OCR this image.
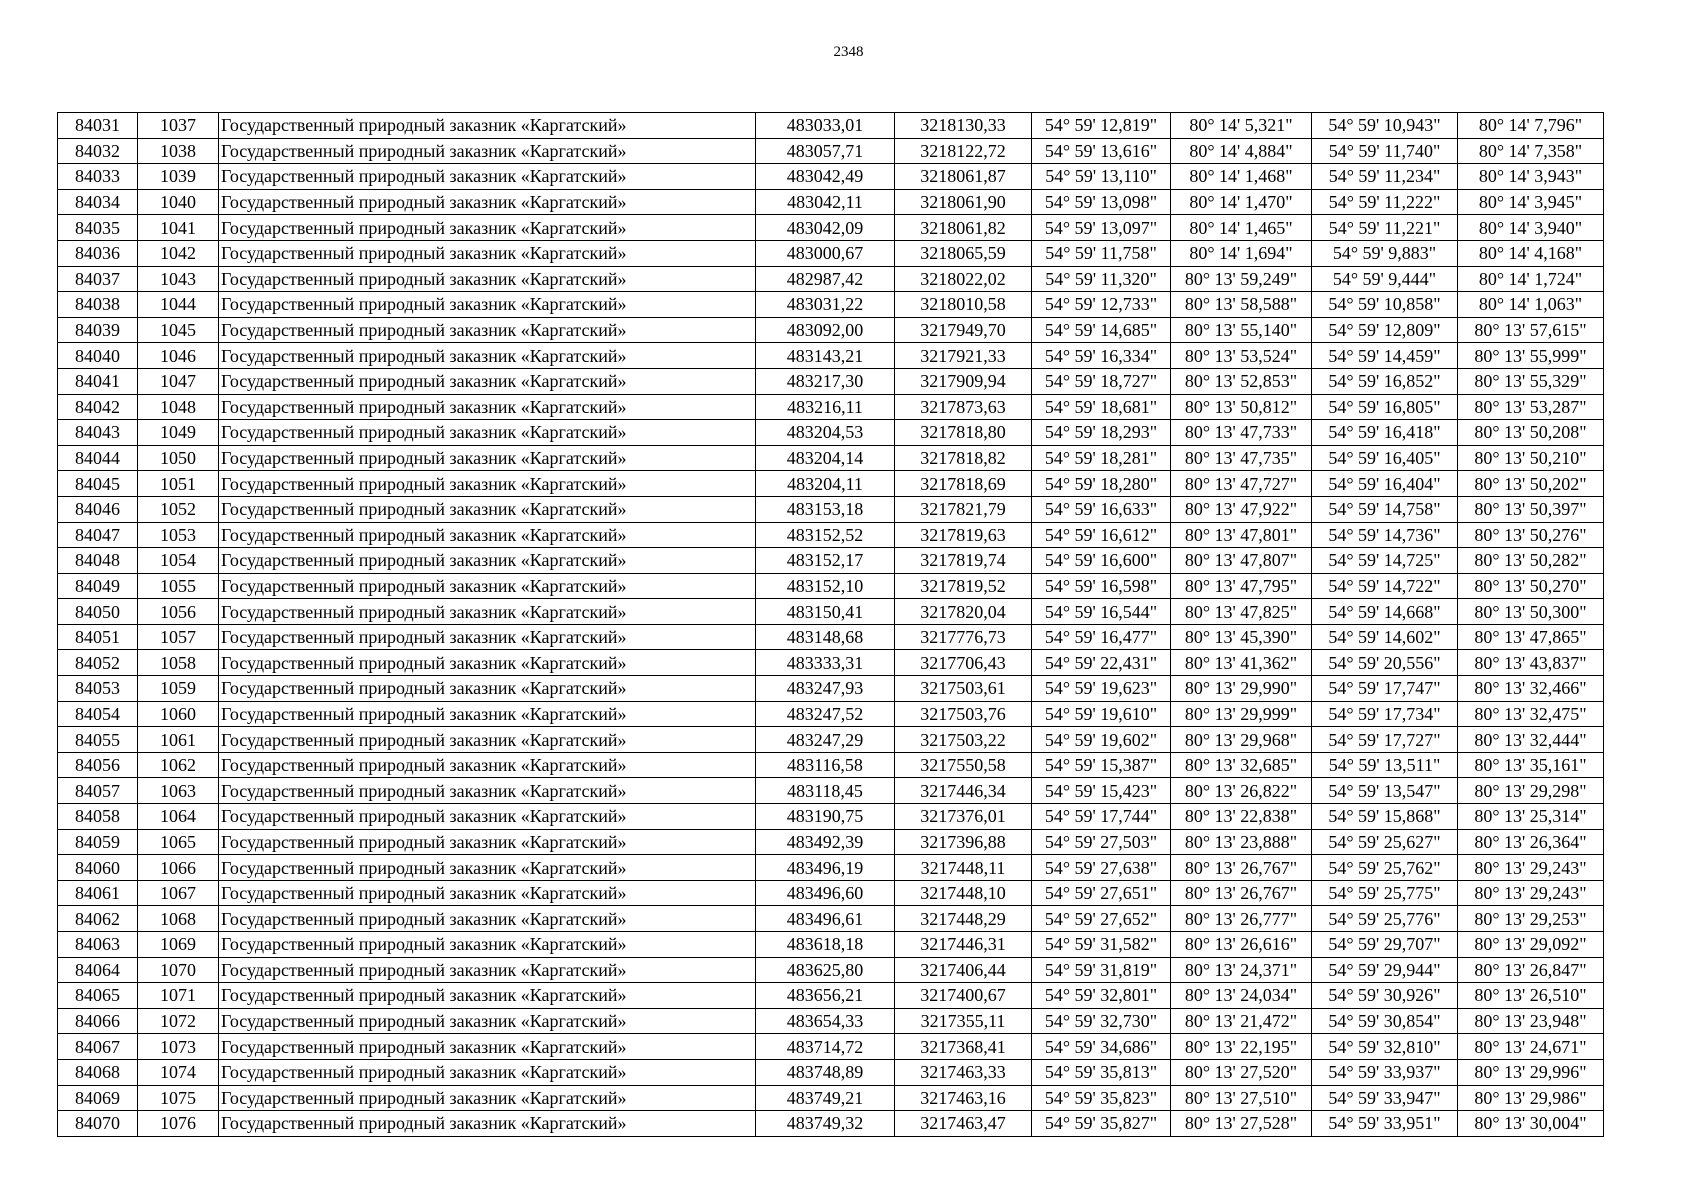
2348
84031	1037	Государственный природный заказник «Каргатский»	483033,01	3218130,33	54° 59' 12,819"	80° 14' 5,321"	54° 59' 10,943"	80° 14' 7,796"
84032	1038	Государственный природный заказник «Каргатский»	483057,71	3218122,72	54° 59' 13,616"	80° 14' 4,884"	54° 59' 11,740"	80° 14' 7,358"
84033	1039	Государственный природный заказник «Каргатский»	483042,49	3218061,87	54° 59' 13,110"	80° 14' 1,468"	54° 59' 11,234"	80° 14' 3,943"
84034	1040	Государственный природный заказник «Каргатский»	483042,11	3218061,90	54° 59' 13,098"	80° 14' 1,470"	54° 59' 11,222"	80° 14' 3,945"
84035	1041	Государственный природный заказник «Каргатский»	483042,09	3218061,82	54° 59' 13,097"	80° 14' 1,465"	54° 59' 11,221"	80° 14' 3,940"
84036	1042	Государственный природный заказник «Каргатский»	483000,67	3218065,59	54° 59' 11,758"	80° 14' 1,694"	54° 59' 9,883"	80° 14' 4,168"
84037	1043	Государственный природный заказник «Каргатский»	482987,42	3218022,02	54° 59' 11,320"	80° 13' 59,249"	54° 59' 9,444"	80° 14' 1,724"
84038	1044	Государственный природный заказник «Каргатский»	483031,22	3218010,58	54° 59' 12,733"	80° 13' 58,588"	54° 59' 10,858"	80° 14' 1,063"
84039	1045	Государственный природный заказник «Каргатский»	483092,00	3217949,70	54° 59' 14,685"	80° 13' 55,140"	54° 59' 12,809"	80° 13' 57,615"
84040	1046	Государственный природный заказник «Каргатский»	483143,21	3217921,33	54° 59' 16,334"	80° 13' 53,524"	54° 59' 14,459"	80° 13' 55,999"
84041	1047	Государственный природный заказник «Каргатский»	483217,30	3217909,94	54° 59' 18,727"	80° 13' 52,853"	54° 59' 16,852"	80° 13' 55,329"
84042	1048	Государственный природный заказник «Каргатский»	483216,11	3217873,63	54° 59' 18,681"	80° 13' 50,812"	54° 59' 16,805"	80° 13' 53,287"
84043	1049	Государственный природный заказник «Каргатский»	483204,53	3217818,80	54° 59' 18,293"	80° 13' 47,733"	54° 59' 16,418"	80° 13' 50,208"
84044	1050	Государственный природный заказник «Каргатский»	483204,14	3217818,82	54° 59' 18,281"	80° 13' 47,735"	54° 59' 16,405"	80° 13' 50,210"
84045	1051	Государственный природный заказник «Каргатский»	483204,11	3217818,69	54° 59' 18,280"	80° 13' 47,727"	54° 59' 16,404"	80° 13' 50,202"
84046	1052	Государственный природный заказник «Каргатский»	483153,18	3217821,79	54° 59' 16,633"	80° 13' 47,922"	54° 59' 14,758"	80° 13' 50,397"
84047	1053	Государственный природный заказник «Каргатский»	483152,52	3217819,63	54° 59' 16,612"	80° 13' 47,801"	54° 59' 14,736"	80° 13' 50,276"
84048	1054	Государственный природный заказник «Каргатский»	483152,17	3217819,74	54° 59' 16,600"	80° 13' 47,807"	54° 59' 14,725"	80° 13' 50,282"
84049	1055	Государственный природный заказник «Каргатский»	483152,10	3217819,52	54° 59' 16,598"	80° 13' 47,795"	54° 59' 14,722"	80° 13' 50,270"
84050	1056	Государственный природный заказник «Каргатский»	483150,41	3217820,04	54° 59' 16,544"	80° 13' 47,825"	54° 59' 14,668"	80° 13' 50,300"
84051	1057	Государственный природный заказник «Каргатский»	483148,68	3217776,73	54° 59' 16,477"	80° 13' 45,390"	54° 59' 14,602"	80° 13' 47,865"
84052	1058	Государственный природный заказник «Каргатский»	483333,31	3217706,43	54° 59' 22,431"	80° 13' 41,362"	54° 59' 20,556"	80° 13' 43,837"
84053	1059	Государственный природный заказник «Каргатский»	483247,93	3217503,61	54° 59' 19,623"	80° 13' 29,990"	54° 59' 17,747"	80° 13' 32,466"
84054	1060	Государственный природный заказник «Каргатский»	483247,52	3217503,76	54° 59' 19,610"	80° 13' 29,999"	54° 59' 17,734"	80° 13' 32,475"
84055	1061	Государственный природный заказник «Каргатский»	483247,29	3217503,22	54° 59' 19,602"	80° 13' 29,968"	54° 59' 17,727"	80° 13' 32,444"
84056	1062	Государственный природный заказник «Каргатский»	483116,58	3217550,58	54° 59' 15,387"	80° 13' 32,685"	54° 59' 13,511"	80° 13' 35,161"
84057	1063	Государственный природный заказник «Каргатский»	483118,45	3217446,34	54° 59' 15,423"	80° 13' 26,822"	54° 59' 13,547"	80° 13' 29,298"
84058	1064	Государственный природный заказник «Каргатский»	483190,75	3217376,01	54° 59' 17,744"	80° 13' 22,838"	54° 59' 15,868"	80° 13' 25,314"
84059	1065	Государственный природный заказник «Каргатский»	483492,39	3217396,88	54° 59' 27,503"	80° 13' 23,888"	54° 59' 25,627"	80° 13' 26,364"
84060	1066	Государственный природный заказник «Каргатский»	483496,19	3217448,11	54° 59' 27,638"	80° 13' 26,767"	54° 59' 25,762"	80° 13' 29,243"
84061	1067	Государственный природный заказник «Каргатский»	483496,60	3217448,10	54° 59' 27,651"	80° 13' 26,767"	54° 59' 25,775"	80° 13' 29,243"
84062	1068	Государственный природный заказник «Каргатский»	483496,61	3217448,29	54° 59' 27,652"	80° 13' 26,777"	54° 59' 25,776"	80° 13' 29,253"
84063	1069	Государственный природный заказник «Каргатский»	483618,18	3217446,31	54° 59' 31,582"	80° 13' 26,616"	54° 59' 29,707"	80° 13' 29,092"
84064	1070	Государственный природный заказник «Каргатский»	483625,80	3217406,44	54° 59' 31,819"	80° 13' 24,371"	54° 59' 29,944"	80° 13' 26,847"
84065	1071	Государственный природный заказник «Каргатский»	483656,21	3217400,67	54° 59' 32,801"	80° 13' 24,034"	54° 59' 30,926"	80° 13' 26,510"
84066	1072	Государственный природный заказник «Каргатский»	483654,33	3217355,11	54° 59' 32,730"	80° 13' 21,472"	54° 59' 30,854"	80° 13' 23,948"
84067	1073	Государственный природный заказник «Каргатский»	483714,72	3217368,41	54° 59' 34,686"	80° 13' 22,195"	54° 59' 32,810"	80° 13' 24,671"
84068	1074	Государственный природный заказник «Каргатский»	483748,89	3217463,33	54° 59' 35,813"	80° 13' 27,520"	54° 59' 33,937"	80° 13' 29,996"
84069	1075	Государственный природный заказник «Каргатский»	483749,21	3217463,16	54° 59' 35,823"	80° 13' 27,510"	54° 59' 33,947"	80° 13' 29,986"
84070	1076	Государственный природный заказник «Каргатский»	483749,32	3217463,47	54° 59' 35,827"	80° 13' 27,528"	54° 59' 33,951"	80° 13' 30,004"
